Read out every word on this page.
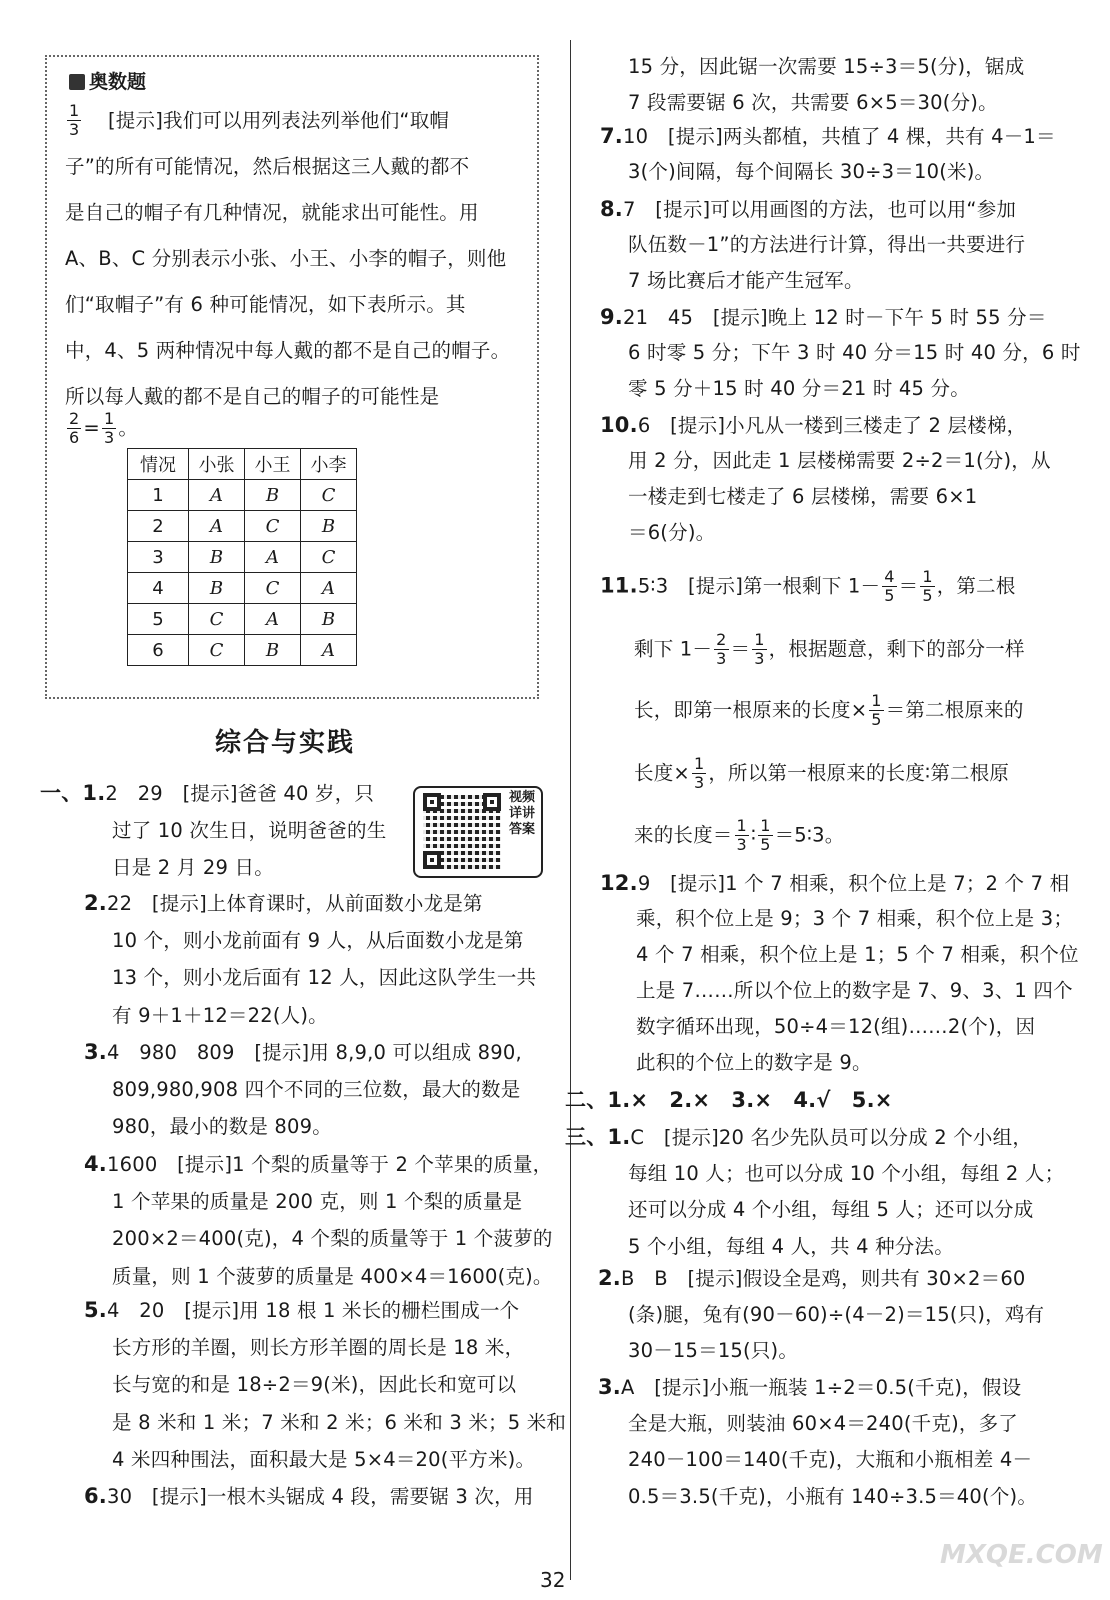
奥数题
$\frac{1}{3}$ [提示]我们可以用列表法列举他们“取帽
子”的所有可能情况，然后根据这三人戴的都不
是自己的帽子有几种情况，就能求出可能性。用
A、B、C 分别表示小张、小王、小李的帽子，则他
们“取帽子”有 6 种可能情况，如下表所示。其
中，4、5 两种情况中每人戴的都不是自己的帽子。
所以每人戴的都不是自己的帽子的可能性是
$\frac{2}{6} = \frac{1}{3}$ 。
情况	小张	小王	小李
1	A	B	C
2	A	C	B
3	B	A	C
4	B	C	A
5	C	A	B
6	C	B	A
综合与实践
视频详讲答案
一、1.2　29　[提示]爸爸 40 岁，只
过了 10 次生日，说明爸爸的生
日是 2 月 29 日。
2.22　[提示]上体育课时，从前面数小龙是第
10 个，则小龙前面有 9 人，从后面数小龙是第
13 个，则小龙后面有 12 人，因此这队学生一共
有 9＋1＋12＝22(人)。
3.4　980　809　[提示]用 8,9,0 可以组成 890,
809,980,908 四个不同的三位数，最大的数是
980，最小的数是 809。
4.1600　[提示]1 个梨的质量等于 2 个苹果的质量，
1 个苹果的质量是 200 克，则 1 个梨的质量是
200×2＝400(克)，4 个梨的质量等于 1 个菠萝的
质量，则 1 个菠萝的质量是 400×4＝1600(克)。
5.4　20　[提示]用 18 根 1 米长的栅栏围成一个
长方形的羊圈，则长方形羊圈的周长是 18 米，
长与宽的和是 18÷2＝9(米)，因此长和宽可以
是 8 米和 1 米；7 米和 2 米；6 米和 3 米；5 米和
4 米四种围法，面积最大是 5×4＝20(平方米)。
6.30　[提示]一根木头锯成 4 段，需要锯 3 次，用
15 分，因此锯一次需要 15÷3＝5(分)，锯成
7 段需要锯 6 次，共需要 6×5＝30(分)。
7.10　[提示]两头都植，共植了 4 棵，共有 4－1＝
3(个)间隔，每个间隔长 30÷3＝10(米)。
8.7　[提示]可以用画图的方法，也可以用“参加
队伍数－1”的方法进行计算，得出一共要进行
7 场比赛后才能产生冠军。
9.21　45　[提示]晚上 12 时－下午 5 时 55 分＝
6 时零 5 分；下午 3 时 40 分＝15 时 40 分，6 时
零 5 分＋15 时 40 分＝21 时 45 分。
10.6　[提示]小凡从一楼到三楼走了 2 层楼梯，
用 2 分，因此走 1 层楼梯需要 2÷2＝1(分)，从
一楼走到七楼走了 6 层楼梯，需要 6×1
＝6(分)。
11.5∶3　[提示]第一根剩下 $1- \frac{4}{5} = \frac{1}{5}$ ，第二根
剩下 $1- \frac{2}{3} = \frac{1}{3}$ ，根据题意，剩下的部分一样
长，即第一根原来的长度× $\frac{1}{5}$ ＝第二根原来的
长度× $\frac{1}{3}$ ，所以第一根原来的长度∶第二根原
来的长度＝ $\frac{1}{3}$ ∶ $\frac{1}{5}$ ＝5∶3。
12.9　[提示]1 个 7 相乘，积个位上是 7；2 个 7 相
乘，积个位上是 9；3 个 7 相乘，积个位上是 3；
4 个 7 相乘，积个位上是 1；5 个 7 相乘，积个位
上是 7……所以个位上的数字是 7、9、3、1 四个
数字循环出现，50÷4＝12(组)……2(个)，因
此积的个位上的数字是 9。
二、1.×　2.×　3.×　4.√　5.×
三、1.C　[提示]20 名少先队员可以分成 2 个小组，
每组 10 人；也可以分成 10 个小组，每组 2 人；
还可以分成 4 个小组，每组 5 人；还可以分成
5 个小组，每组 4 人，共 4 种分法。
2.B　B　[提示]假设全是鸡，则共有 30×2＝60
(条)腿，兔有(90－60)÷(4－2)＝15(只)，鸡有
30－15＝15(只)。
3.A　[提示]小瓶一瓶装 1÷2＝0.5(千克)，假设
全是大瓶，则装油 60×4＝240(千克)，多了
240－100＝140(千克)，大瓶和小瓶相差 4－
0.5＝3.5(千克)，小瓶有 140÷3.5＝40(个)。
32
MXQE.COM
